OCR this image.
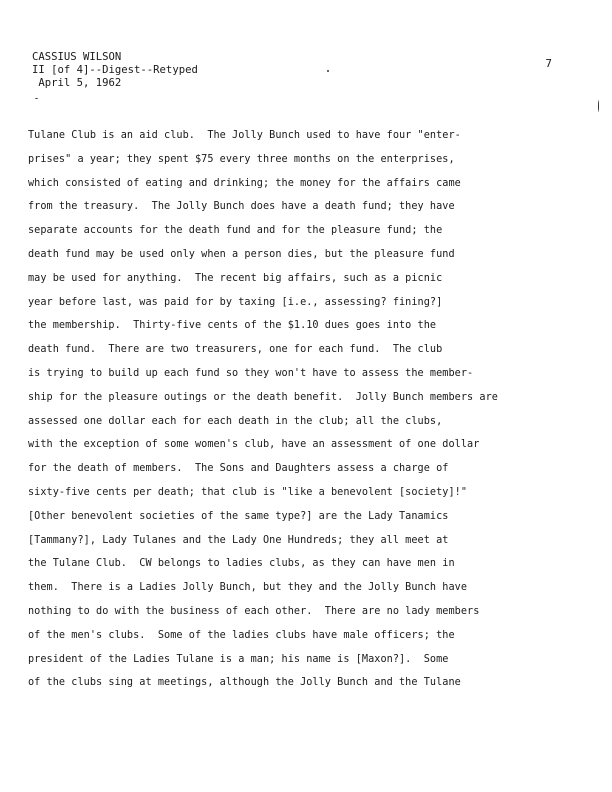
CASSIUS WILSON
II [of 4]--Digest--Retyped
April 5, 1962
7
Tulane Club is an aid club.  The Jolly Bunch used to have four "enter-
prises" a year; they spent $75 every three months on the enterprises,
which consisted of eating and drinking; the money for the affairs came
from the treasury.  The Jolly Bunch does have a death fund; they have
separate accounts for the death fund and for the pleasure fund; the
death fund may be used only when a person dies, but the pleasure fund
may be used for anything.  The recent big affairs, such as a picnic
year before last, was paid for by taxing [i.e., assessing? fining?]
the membership.  Thirty-five cents of the $1.10 dues goes into the
death fund.  There are two treasurers, one for each fund.  The club
is trying to build up each fund so they won't have to assess the member-
ship for the pleasure outings or the death benefit.  Jolly Bunch members are
assessed one dollar each for each death in the club; all the clubs,
with the exception of some women's club, have an assessment of one dollar
for the death of members.  The Sons and Daughters assess a charge of
sixty-five cents per death; that club is "like a benevolent [society]!"
[Other benevolent societies of the same type?] are the Lady Tanamics
[Tammany?], Lady Tulanes and the Lady One Hundreds; they all meet at
the Tulane Club.  CW belongs to ladies clubs, as they can have men in
them.  There is a Ladies Jolly Bunch, but they and the Jolly Bunch have
nothing to do with the business of each other.  There are no lady members
of the men's clubs.  Some of the ladies clubs have male officers; the
president of the Ladies Tulane is a man; his name is [Maxon?].  Some
of the clubs sing at meetings, although the Jolly Bunch and the Tulane
